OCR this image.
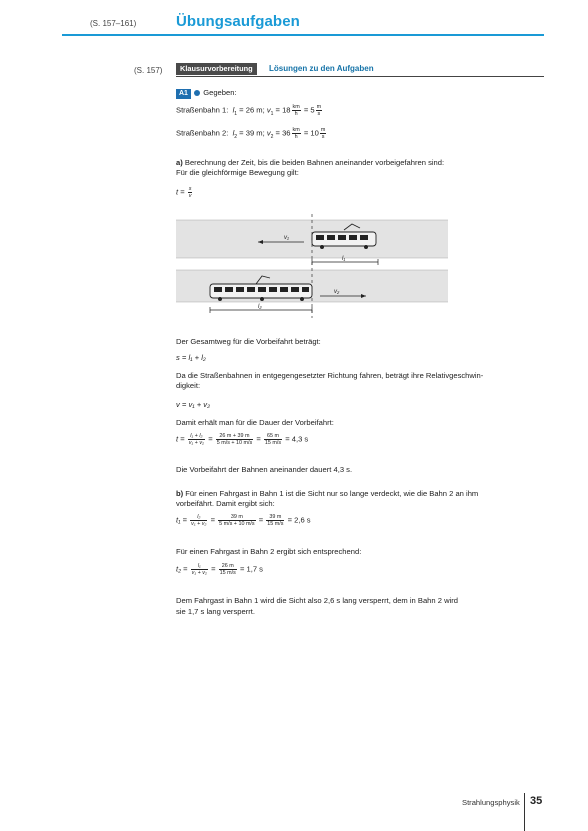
(S. 157–161)	Übungsaufgaben
(S. 157)	Klausurvorbereitung	Lösungen zu den Aufgaben
A1 Gegeben:
Straßenbahn 1:  $l_1 = 26$ m; $v_1 = 18 \frac{km}{h} = 5 \frac{m}{s}$
Straßenbahn 2:  $l_2 = 39$ m; $v_2 = 36 \frac{km}{h} = 10 \frac{m}{s}$
a) Berechnung der Zeit, bis die beiden Bahnen aneinander vorbeigefahren sind:
Für die gleichförmige Bewegung gilt:
$t = \frac{s}{v}$
v₁
l₁
v₂
l₂
Der Gesamtweg für die Vorbeifahrt beträgt:
s = l₁ + l₂
Da die Straßenbahnen in entgegengesetzter Richtung fahren, beträgt ihre Relativgeschwin-
digkeit:
v = v₁ + v₂
Damit erhält man für die Dauer der Vorbeifahrt:
$t = \frac{\text{l₁ + l₂}}{\text{v₁ + v₂}} = \frac{26 m + 39 m}{5 m/s + 10 m/s} = \frac{65 m}{15 m/s} = 4,3$ s
Die Vorbeifahrt der Bahnen aneinander dauert 4,3 s.
b) Für einen Fahrgast in Bahn 1 ist die Sicht nur so lange verdeckt, wie die Bahn 2 an ihm
vorbeifährt. Damit ergibt sich:
$t_1 = \frac{\text{l₂}}{\text{v₁ + v₂}} = \frac{39 m}{5 m/s + 10 m/s} = \frac{39 m}{15 m/s} = 2,6$ s
Für einen Fahrgast in Bahn 2 ergibt sich entsprechend:
$t_2 = \frac{\text{l₁}}{\text{v₁ + v₂}} = \frac{26 m}{15 m/s} = 1,7$ s
Dem Fahrgast in Bahn 1 wird die Sicht also 2,6 s lang versperrt, dem in Bahn 2 wird
sie 1,7 s lang versperrt.
Strahlungsphysik 35
